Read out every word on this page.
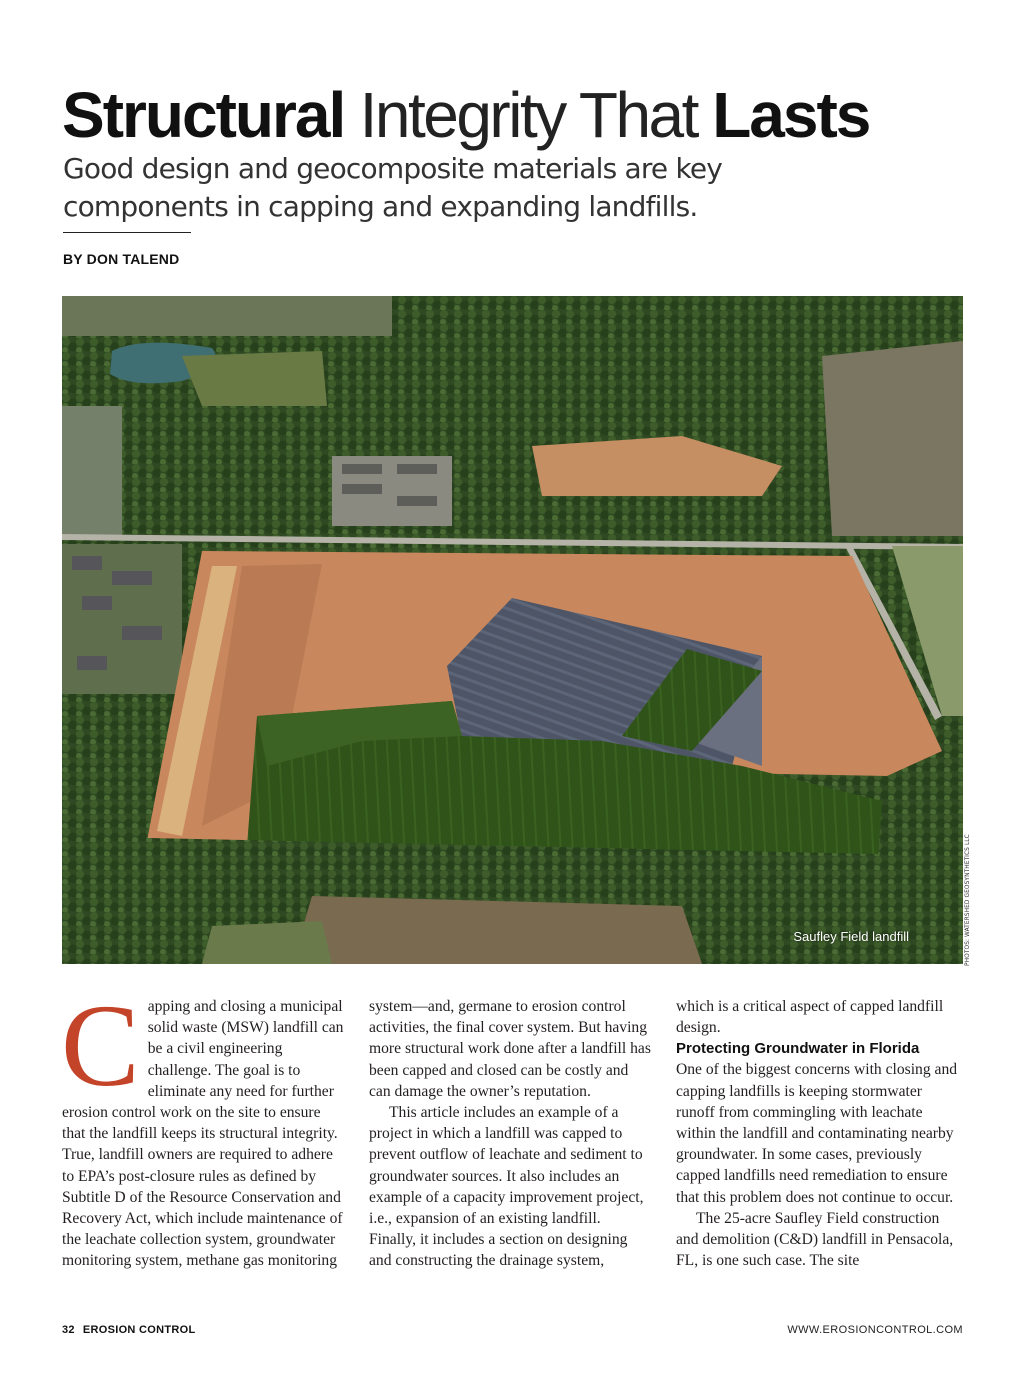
Structural Integrity That Lasts
Good design and geocomposite materials are key components in capping and expanding landfills.
BY DON TALEND
Saufley Field landfill	PHOTOS: WATERSHED GEOSYNTHETICS LLC
C apping and closing a municipal solid waste (MSW) landfill can be a civil engineering challenge. The goal is to eliminate any need for further erosion control work on the site to ensure that the landfill keeps its structural integrity. True, landfill owners are required to adhere to EPA’s post-closure rules as defined by Subtitle D of the Resource Conservation and Recovery Act, which include maintenance of the leachate collection system, groundwater monitoring system, methane gas monitoring

system—and, germane to erosion control activities, the final cover system. But having more structural work done after a landfill has been capped and closed can be costly and can damage the owner’s reputation.

This article includes an example of a project in which a landfill was capped to prevent outflow of leachate and sediment to groundwater sources. It also includes an example of a capacity improvement project, i.e., expansion of an existing landfill. Finally, it includes a section on designing and constructing the drainage system,

which is a critical aspect of capped landfill design.

Protecting Groundwater in Florida

One of the biggest concerns with closing and capping landfills is keeping stormwater runoff from commingling with leachate within the landfill and contaminating nearby groundwater. In some cases, previously capped landfills need remediation to ensure that this problem does not continue to occur.

The 25-acre Saufley Field construction and demolition (C&D) landfill in Pensacola, FL, is one such case. The site

32 EROSION CONTROL	WWW.EROSIONCONTROL.COM
